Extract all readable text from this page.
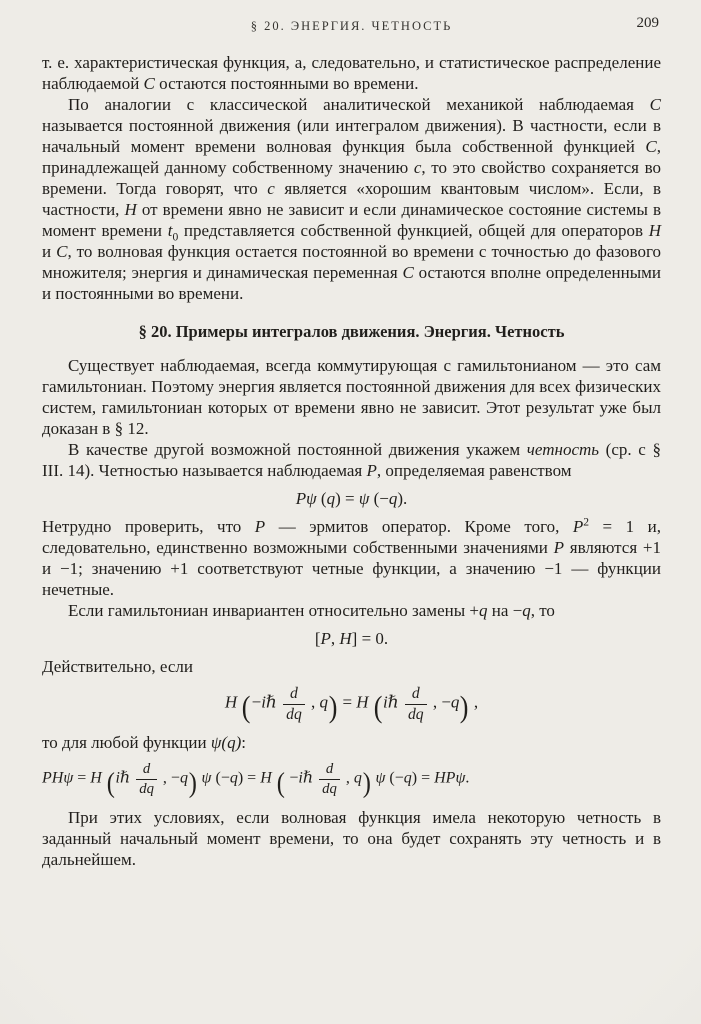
§ 20. ЭНЕРГИЯ. ЧЕТНОСТЬ	209

т. е. характеристическая функция, а, следовательно, и статистическое распределение наблюдаемой C остаются постоянными во времени.

По аналогии с классической аналитической механикой наблюдаемая C называется постоянной движения (или интегралом движения). В частности, если в начальный момент времени волновая функция была собственной функцией C, принадлежащей данному собственному значению c, то это свойство сохраняется во времени. Тогда говорят, что c является «хорошим квантовым числом». Если, в частности, H от времени явно не зависит и если динамическое состояние системы в момент времени $t_0$ представляется собственной функцией, общей для операторов H и C, то волновая функция остается постоянной во времени с точностью до фазового множителя; энергия и динамическая переменная C остаются вполне определенными и постоянными во времени.

§ 20. Примеры интегралов движения. Энергия. Четность

Существует наблюдаемая, всегда коммутирующая с гамильтонианом — это сам гамильтониан. Поэтому энергия является постоянной движения для всех физических систем, гамильтониан которых от времени явно не зависит. Этот результат уже был доказан в § 12.

В качестве другой возможной постоянной движения укажем четность (ср. с § III. 14). Четностью называется наблюдаемая P, определяемая равенством

Pψ (q) = ψ (−q).

Нетрудно проверить, что P — эрмитов оператор. Кроме того, $P^2 = 1$ и, следовательно, единственно возможными собственными значениями P являются +1 и −1; значению +1 соответствуют четные функции, а значению −1 — функции нечетные.

Если гамильтониан инвариантен относительно замены +q на −q, то

[P, H] = 0.

Действительно, если

H (−iℏ $\frac{d}{dq}$ , q) = H (iℏ $\frac{d}{dq}$ , −q) ,

то для любой функции ψ(q):

PHψ = H (iℏ $\frac{d}{dq}$ , −q) ψ (−q) = H ( −iℏ $\frac{d}{dq}$ , q) ψ (−q) = HPψ.

При этих условиях, если волновая функция имела некоторую четность в заданный начальный момент времени, то она будет сохранять эту четность и в дальнейшем.
